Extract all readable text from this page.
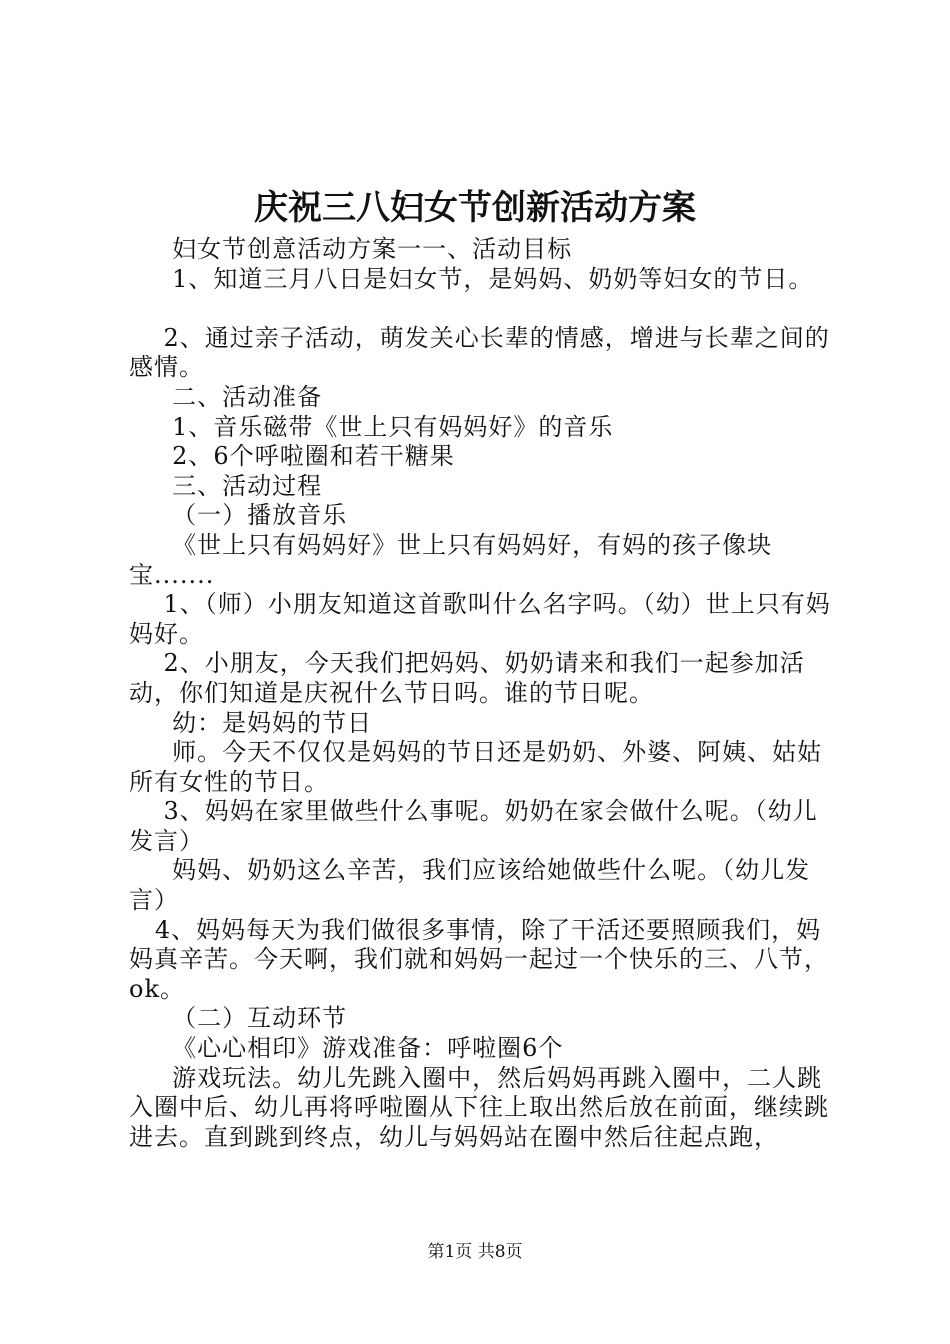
庆祝三八妇女节创新活动方案

妇女节创意活动方案一一、活动目标

1、知道三月八日是妇女节，是妈妈、奶奶等妇女的节日。

2、通过亲子活动，萌发关心长辈的情感，增进与长辈之间的感情。

二、活动准备

1、音乐磁带《世上只有妈妈好》的音乐

2、6个呼啦圈和若干糖果

三、活动过程

（一）播放音乐

《世上只有妈妈好》世上只有妈妈好，有妈的孩子像块宝.......

1、（师）小朋友知道这首歌叫什么名字吗。（幼）世上只有妈妈好。

2、小朋友，今天我们把妈妈、奶奶请来和我们一起参加活动，你们知道是庆祝什么节日吗。谁的节日呢。

幼：是妈妈的节日

师。今天不仅仅是妈妈的节日还是奶奶、外婆、阿姨、姑姑所有女性的节日。

3、妈妈在家里做些什么事呢。奶奶在家会做什么呢。（幼儿发言）

妈妈、奶奶这么辛苦，我们应该给她做些什么呢。（幼儿发言）

4、妈妈每天为我们做很多事情，除了干活还要照顾我们，妈妈真辛苦。今天啊，我们就和妈妈一起过一个快乐的三、八节，ok。

（二）互动环节

《心心相印》游戏准备：呼啦圈6个

游戏玩法。幼儿先跳入圈中，然后妈妈再跳入圈中，二人跳入圈中后、幼儿再将呼啦圈从下往上取出然后放在前面，继续跳进去。直到跳到终点，幼儿与妈妈站在圈中然后往起点跑，

第1页 共8页
